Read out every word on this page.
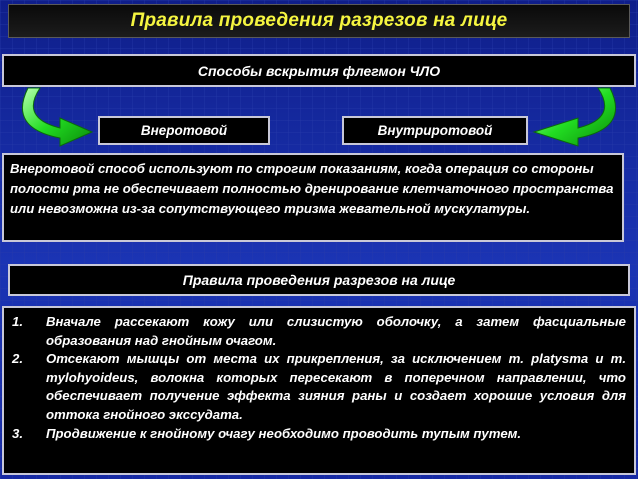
Правила проведения разрезов на лице
Способы вскрытия флегмон ЧЛО
Внеротовой	Внутриротовой
Внеротовой способ используют по строгим показаниям, когда операция со стороны полости рта не обеспечивает полностью дренирование клетчаточного пространства или невозможна из-за сопутствующего тризма жевательной мускулатуры.
Правила проведения разрезов на лице
1.	Вначале рассекают кожу или слизистую оболочку, а затем фасциальные образования над гнойным очагом.
2.	Отсекают мышцы от места их прикрепления, за исключением m. platysma и m. mylohyoideus, волокна которых пересекают в поперечном направлении, что обеспечивает получение эффекта зияния раны и создает хорошие условия для оттока гнойного экссудата.
3.	Продвижение к гнойному очагу необходимо проводить тупым путем.
